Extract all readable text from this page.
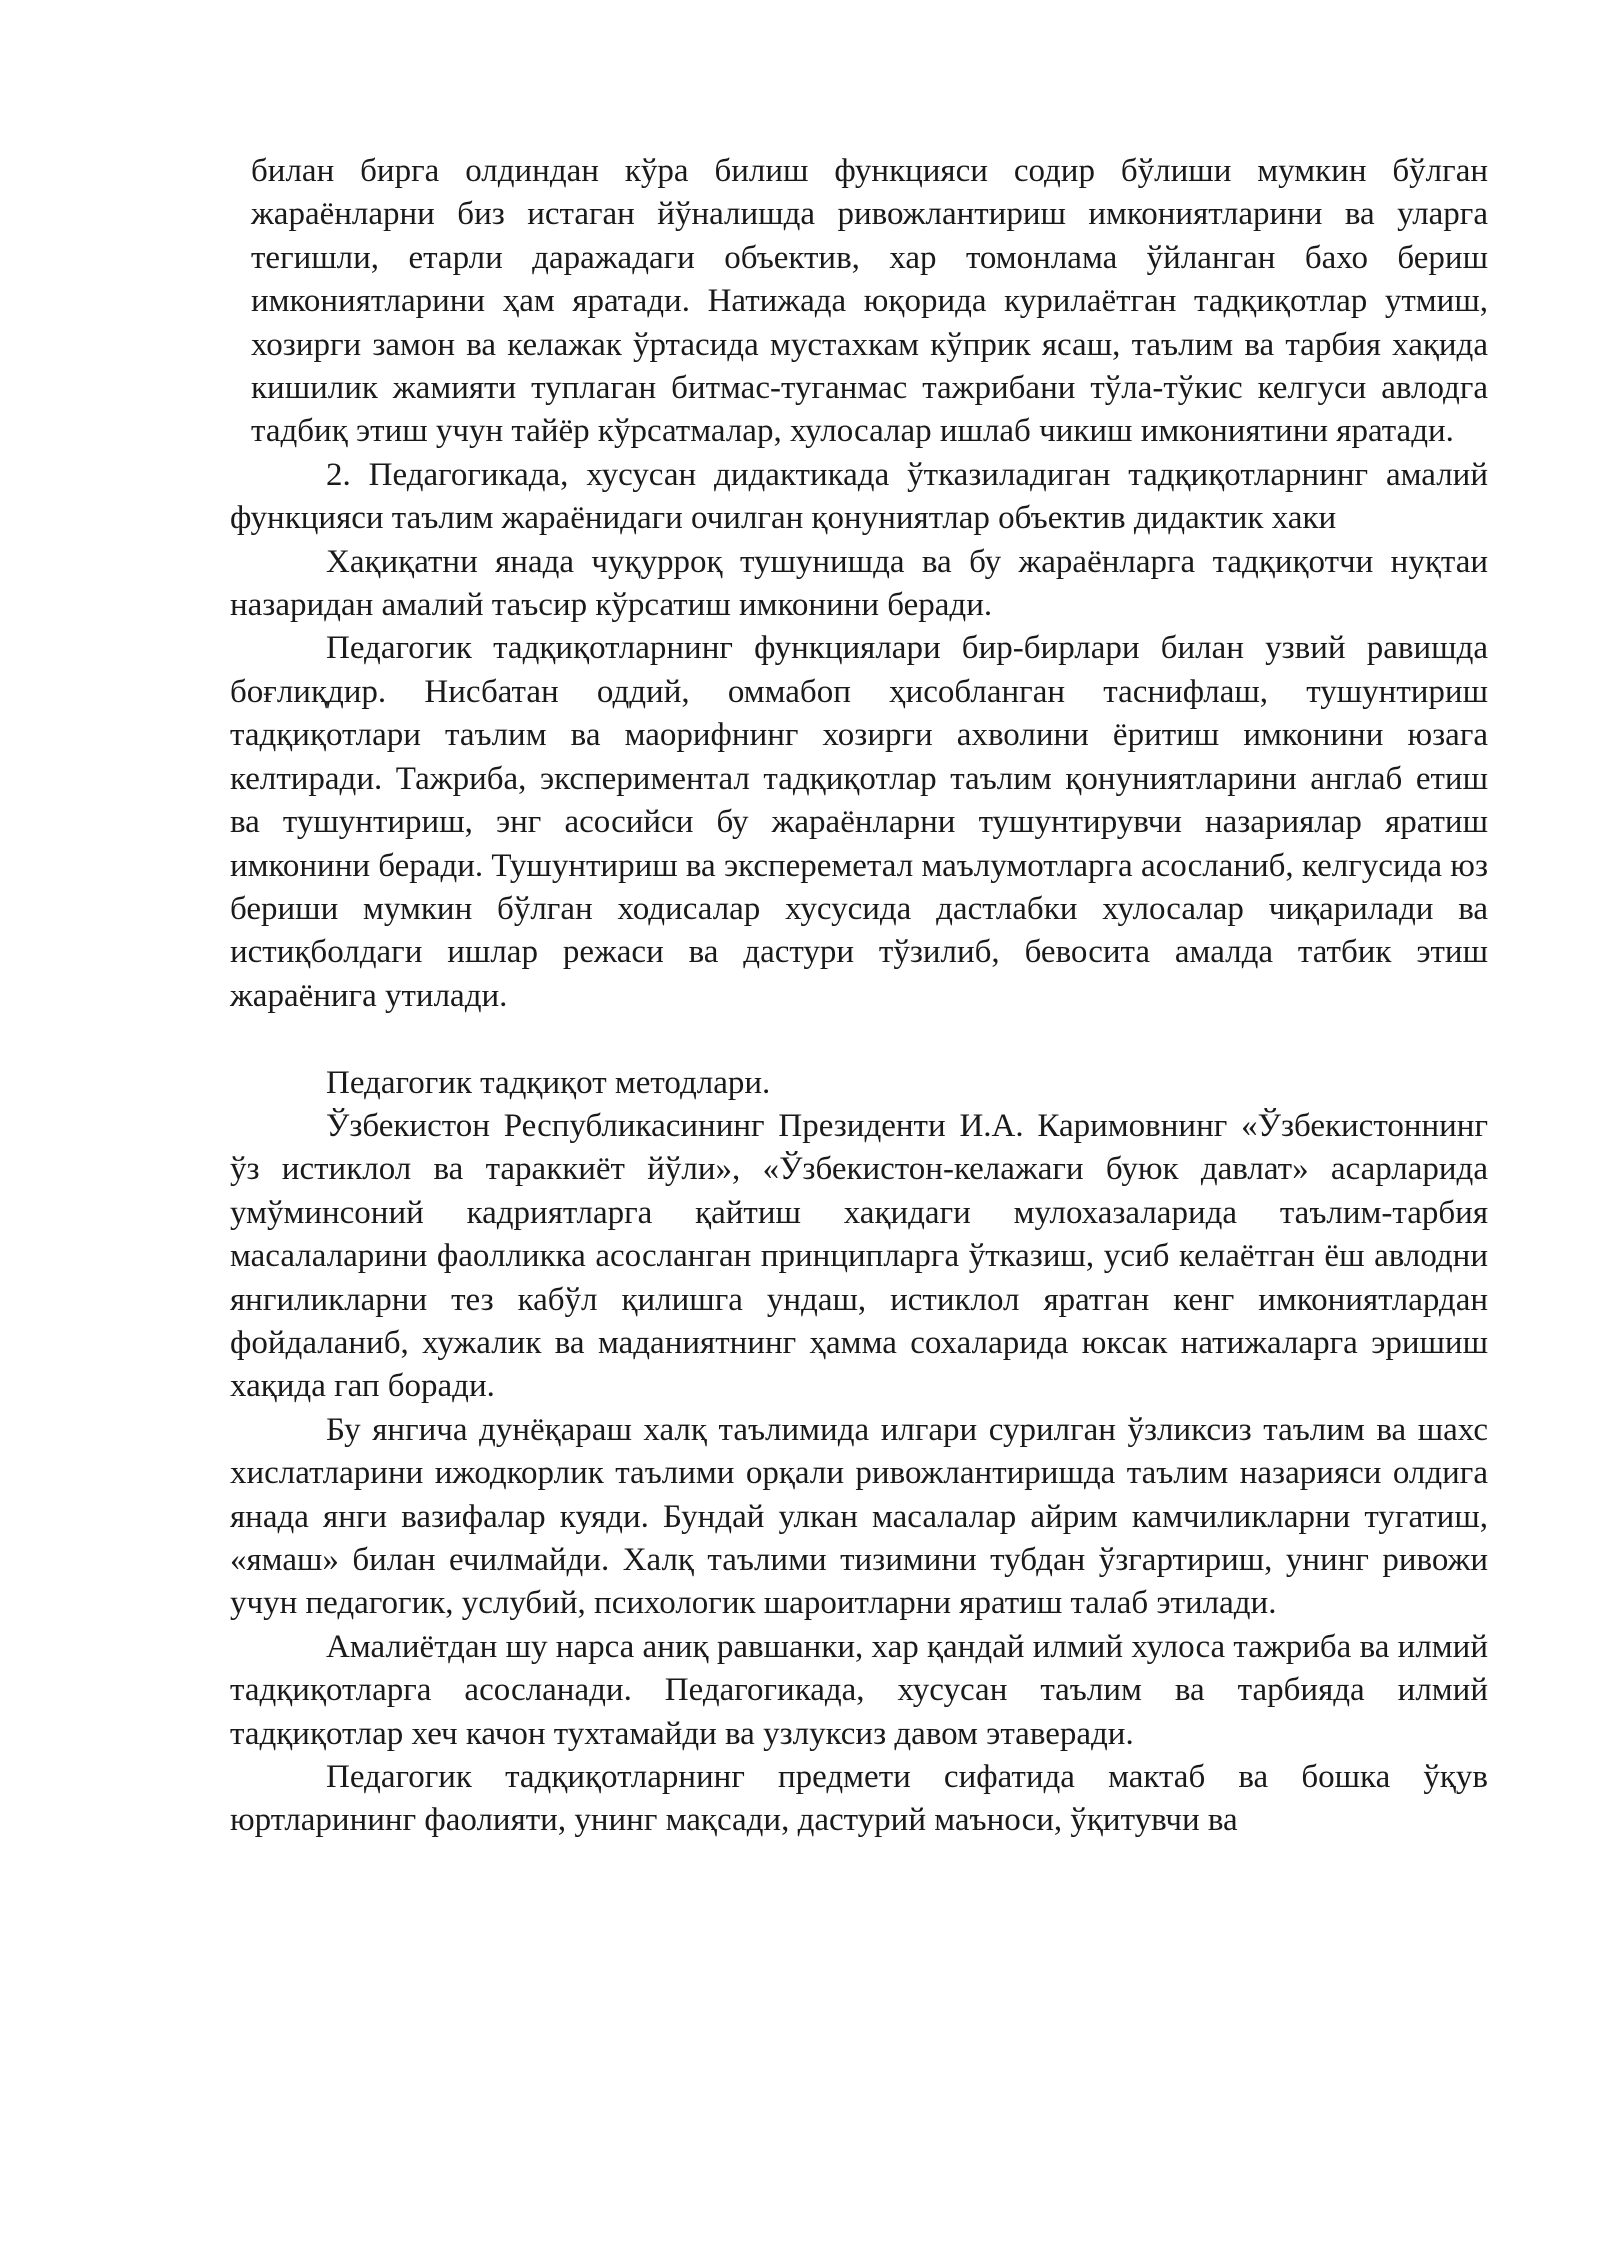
билан бирга олдиндан кўра билиш функцияси содир бўлиши мумкин бўлган жараёнларни биз истаган йўналишда ривожлантириш имкониятларини ва уларга тегишли, етарли даражадаги объектив, хар томонлама ўйланган бахо бериш имкониятларини ҳам яратади. Натижада юқорида курилаётган тадқиқотлар утмиш, хозирги замон ва келажак ўртасида мустахкам кўприк ясаш, таълим ва тарбия хақида кишилик жамияти туплаган битмас-туганмас тажрибани тўла-тўкис келгуси авлодга тадбиқ этиш учун тайёр кўрсатмалар, хулосалар ишлаб чикиш имкониятини яратади.

2. Педагогикада, хусусан дидактикада ўтказиладиган тадқиқотларнинг амалий функцияси таълим жараёнидаги очилган қонуниятлар объектив дидактик хаки

Хақиқатни янада чуқурроқ тушунишда ва бу жараёнларга тадқиқотчи нуқтаи назаридан амалий таъсир кўрсатиш имконини беради.

Педагогик тадқиқотларнинг функциялари бир-бирлари билан узвий равишда боғлиқдир. Нисбатан оддий, оммабоп ҳисобланган таснифлаш, тушунтириш тадқиқотлари таълим ва маорифнинг хозирги ахволини ёритиш имконини юзага келтиради. Тажриба, экспериментал тадқиқотлар таълим қонуниятларини англаб етиш ва тушунтириш, энг асосийси бу жараёнларни тушунтирувчи назариялар яратиш имконини беради. Тушунтириш ва экспереметал маълумотларга асосланиб, келгусида юз бериши мумкин бўлган ходисалар хусусида дастлабки хулосалар чиқарилади ва истиқболдаги ишлар режаси ва дастури тўзилиб, бевосита амалда татбик этиш жараёнига утилади.

Педагогик тадқиқот методлари.

Ўзбекистон Республикасининг Президенти И.А. Каримовнинг «Ўзбекистоннинг ўз истиклол ва тараккиёт йўли», «Ўзбекистон-келажаги буюк давлат» асарларида умўминсоний кадриятларга қайтиш хақидаги мулохазаларида таълим-тарбия масалаларини фаолликка асосланган принципларга ўтказиш, усиб келаётган ёш авлодни янгиликларни тез кабўл қилишга ундаш, истиклол яратган кенг имкониятлардан фойдаланиб, хужалик ва маданиятнинг ҳамма сохаларида юксак натижаларга эришиш хақида гап боради.

Бу янгича дунёқараш халқ таълимида илгари сурилган ўзликсиз таълим ва шахс хислатларини ижодкорлик таълими орқали ривожлантиришда таълим назарияси олдига янада янги вазифалар куяди. Бундай улкан масалалар айрим камчиликларни тугатиш, «ямаш» билан ечилмайди. Халқ таълими тизимини тубдан ўзгартириш, унинг ривожи учун педагогик, услубий, психологик шароитларни яратиш талаб этилади.

Амалиётдан шу нарса аниқ равшанки, хар қандай илмий хулоса тажриба ва илмий тадқиқотларга асосланади. Педагогикада, хусусан таълим ва тарбияда илмий тадқиқотлар хеч качон тухтамайди ва узлуксиз давом этаверади.

Педагогик тадқиқотларнинг предмети сифатида мактаб ва бошка ўқув юртларининг фаолияти, унинг мақсади, дастурий маъноси, ўқитувчи ва
